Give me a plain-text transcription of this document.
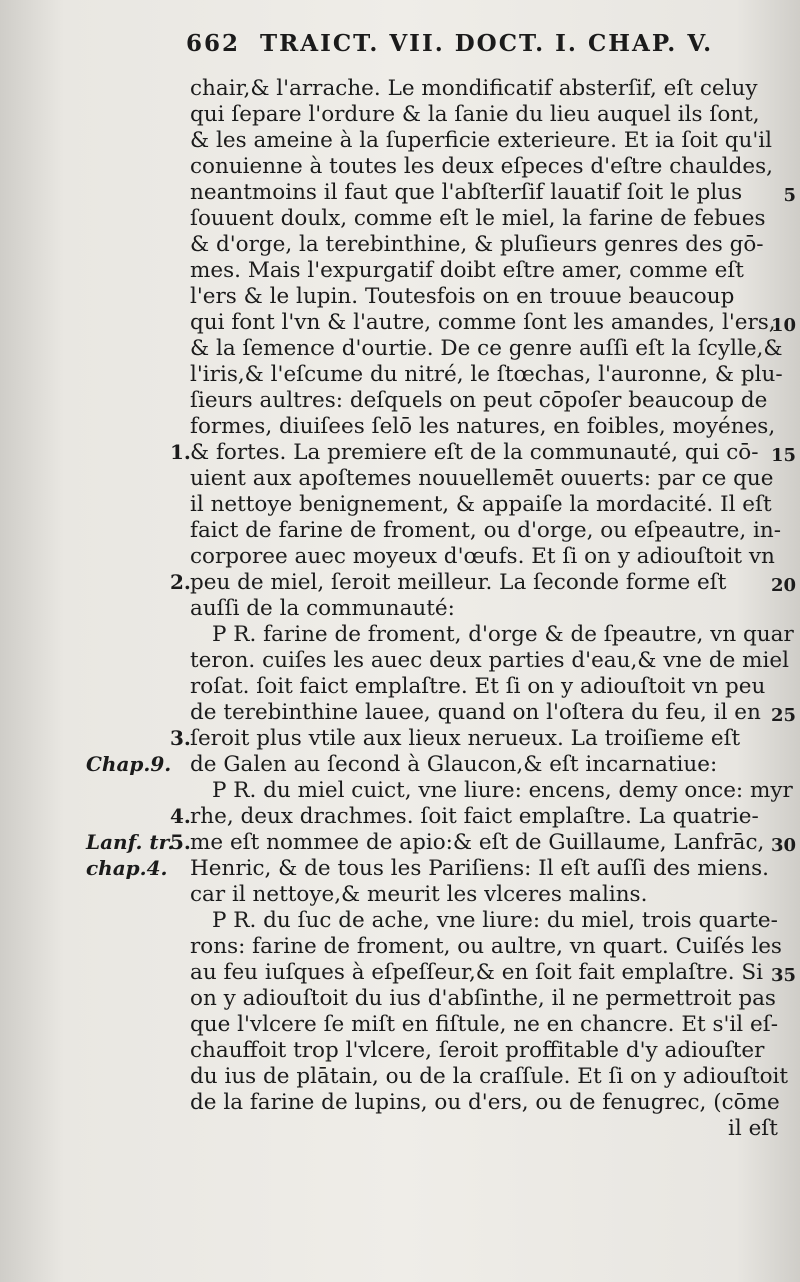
662 TRAICT. VII. DOCT. I. CHAP. V.
chair,& l'arrache. Le mondificatif absterſif, eſt celuy
qui ſepare l'ordure & la ſanie du lieu auquel ils ſont,
& les ameine à la ſuperficie exterieure. Et ia ſoit qu'il
conuienne à toutes les deux eſpeces d'eſtre chauldes,
neantmoins il faut que l'abſterſif lauatif ſoit le plus
ſouuent doulx, comme eſt le miel, la farine de febues
& d'orge, la terebinthine, & pluſieurs genres des gō-
mes. Mais l'expurgatif doibt eſtre amer, comme eſt
l'ers & le lupin. Toutesfois on en trouue beaucoup
qui font l'vn & l'autre, comme ſont les amandes, l'ers,
& la ſemence d'ourtie. De ce genre auſſi eſt la ſcylle,&
l'iris,& l'eſcume du nitré, le ſtœchas, l'auronne, & plu-
ſieurs aultres: deſquels on peut cōpoſer beaucoup de
formes, diuiſees ſelō les natures, en foibles, moyénes,
& fortes. La premiere eſt de la communauté, qui cō-
uient aux apoſtemes nouuellemēt ouuerts: par ce que
il nettoye benignement, & appaiſe la mordacité. Il eſt
faict de farine de froment, ou d'orge, ou eſpeautre, in-
corporee auec moyeux d'œufs. Et ſi on y adiouſtoit vn
peu de miel, ſeroit meilleur. La ſeconde forme eſt
auſſi de la communauté:
P R. farine de froment, d'orge & de ſpeautre, vn quar
teron. cuiſes les auec deux parties d'eau,& vne de miel
roſat. ſoit faict emplaſtre. Et ſi on y adiouſtoit vn peu
de terebinthine lauee, quand on l'oſtera du feu, il en
ſeroit plus vtile aux lieux nerueux. La troiſieme eſt
de Galen au ſecond à Glaucon,& eſt incarnatiue:
P R. du miel cuict, vne liure: encens, demy once: myr
rhe, deux drachmes. ſoit faict emplaſtre. La quatrie-
me eſt nommee de apio:& eſt de Guillaume, Lanfrāc,
Henric, & de tous les Pariſiens: Il eſt auſſi des miens.
car il nettoye,& meurit les vlceres malins.
P R. du ſuc de ache, vne liure: du miel, trois quarte-
rons: farine de froment, ou aultre, vn quart. Cuiſés les
au feu iuſques à eſpeſſeur,& en ſoit fait emplaſtre. Si
on y adiouſtoit du ius d'abſinthe, il ne permettroit pas
que l'vlcere ſe miſt en fiſtule, ne en chancre. Et s'il eſ-
chauffoit trop l'vlcere, ſeroit proffitable d'y adiouſter
du ius de plātain, ou de la craſſule. Et ſi on y adiouſtoit
de la farine de lupins, ou d'ers, ou de fenugrec, (cōme
il eſt
5
10
15
20
25
30
35
1.
2.
3.
4.
5.
Chap.9.
Lanf. tr.
chap.4.
